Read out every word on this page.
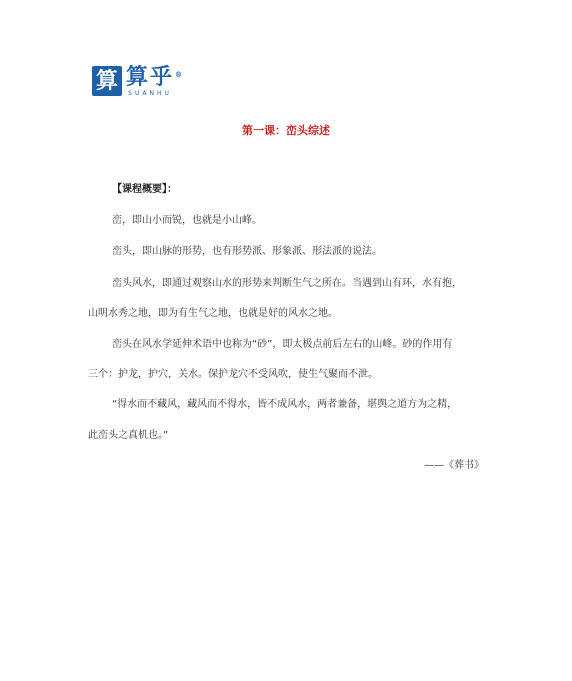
算 算乎 ®
SUANHU
第一课：峦头综述
【课程概要】：
峦，即山小而锐，也就是小山峰。
峦头，即山脉的形势，也有形势派、形象派、形法派的说法。
峦头风水，即通过观察山水的形势来判断生气之所在。当遇到山有环，水有抱，
山明水秀之地，即为有生气之地，也就是好的风水之地。
峦头在风水学延伸术语中也称为“砂”，即太极点前后左右的山峰。砂的作用有
三个：护龙，护穴，关水。保护龙穴不受风吹，使生气聚而不泄。
“得水而不藏风，藏风而不得水，皆不成风水，两者兼备，堪舆之道方为之精，
此峦头之真机也。”
——《葬书》
